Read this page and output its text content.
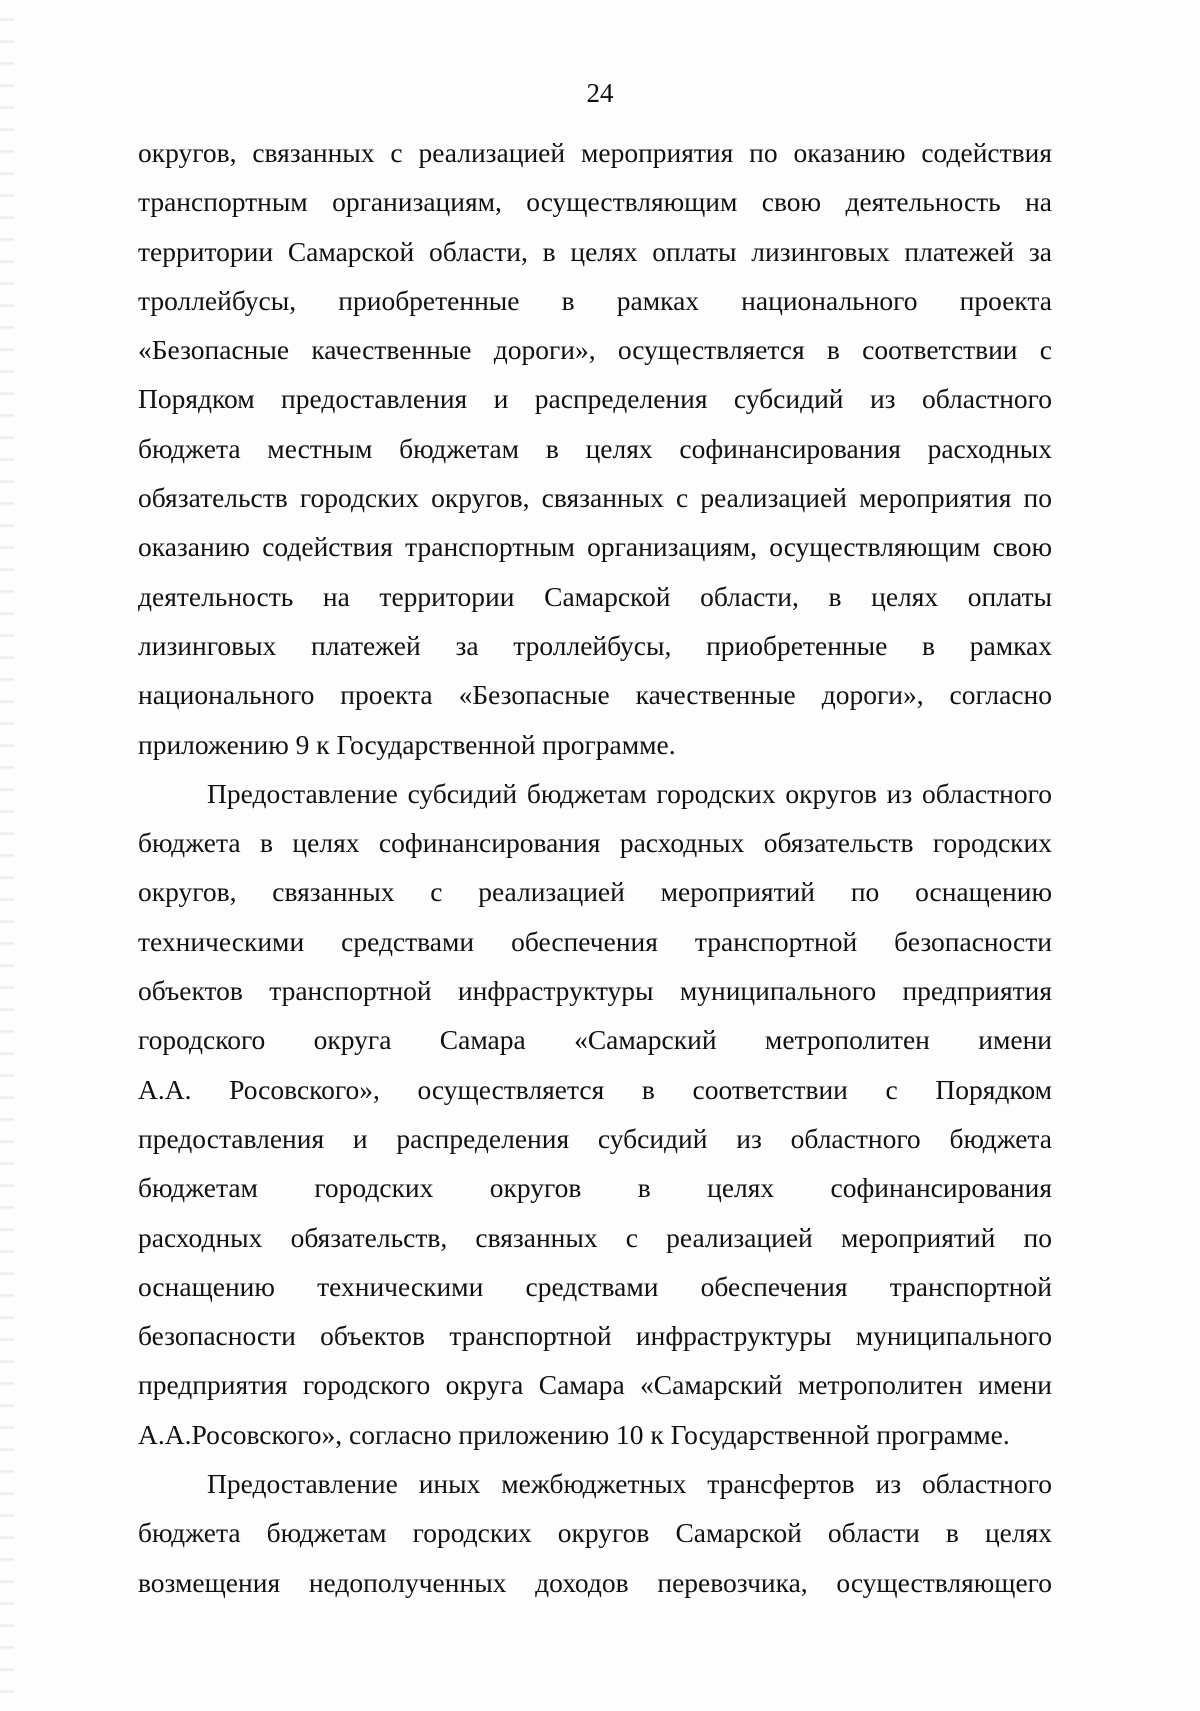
24
округов, связанных с реализацией мероприятия по оказанию содействия
транспортным организациям, осуществляющим свою деятельность на
территории Самарской области, в целях оплаты лизинговых платежей за
троллейбусы, приобретенные в рамках национального проекта
«Безопасные качественные дороги», осуществляется в соответствии с
Порядком предоставления и распределения субсидий из областного
бюджета местным бюджетам в целях софинансирования расходных
обязательств городских округов, связанных с реализацией мероприятия по
оказанию содействия транспортным организациям, осуществляющим свою
деятельность на территории Самарской области, в целях оплаты
лизинговых платежей за троллейбусы, приобретенные в рамках
национального проекта «Безопасные качественные дороги», согласно
приложению 9 к Государственной программе.
Предоставление субсидий бюджетам городских округов из областного
бюджета в целях софинансирования расходных обязательств городских
округов, связанных с реализацией мероприятий по оснащению
техническими средствами обеспечения транспортной безопасности
объектов транспортной инфраструктуры муниципального предприятия
городского округа Самара «Самарский метрополитен имени
А.А. Росовского», осуществляется в соответствии с Порядком
предоставления и распределения субсидий из областного бюджета
бюджетам городских округов в целях софинансирования
расходных обязательств, связанных с реализацией мероприятий по
оснащению техническими средствами обеспечения транспортной
безопасности объектов транспортной инфраструктуры муниципального
предприятия городского округа Самара «Самарский метрополитен имени
А.А.Росовского», согласно приложению 10 к Государственной программе.
Предоставление иных межбюджетных трансфертов из областного
бюджета бюджетам городских округов Самарской области в целях
возмещения недополученных доходов перевозчика, осуществляющего
